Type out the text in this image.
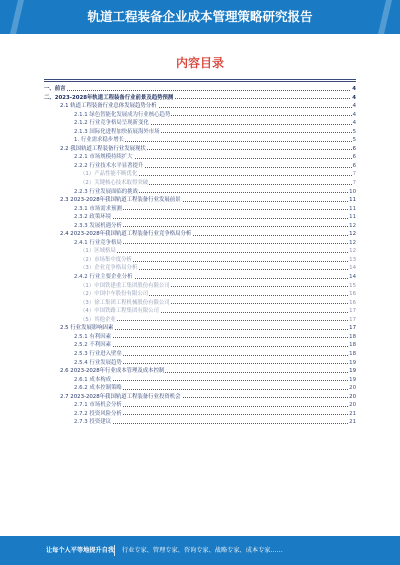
轨道工程装备企业成本管理策略研究报告
内容目录
一、前言	4
二、2023-2028年轨道工程装备行业前景及趋势预测	4
2.1 轨道工程装备行业总体发展趋势分析	4
2.1.1 绿色智能化发展成为行业核心趋势	4
2.1.2 行业竞争格局呈现新变化	4
2.1.3 国际化进程加快拓展海外市场	5
1. 行业需求稳步增长	5
2.2 我国轨道工程装备行业发展现状	6
2.2.1 市场规模持续扩大	6
2.2.2 行业技术水平显著提升	6
（1）产品性能不断优化	7
（2）关键核心技术取得突破	7
2.2.3 行业发展面临的挑战	10
2.3 2023-2028年我国轨道工程装备行业发展前景	11
2.3.1 市场需求预测	11
2.3.2 政策环境	11
2.3.3 发展机遇分析	12
2.4 2023-2028年我国轨道工程装备行业竞争格局分析	12
2.4.1 行业竞争格局	12
（1）区域格局	12
（2）市场集中度分析	13
（3）企业竞争格局分析	14
2.4.2 行业主要企业分析	14
（1）中国铁建重工集团股份有限公司	15
（2）中国中车股份有限公司	16
（3）徐工集团工程机械股份有限公司	16
（4）中国铁路工程集团有限公司	17
（5）其他企业	17
2.5 行业发展影响因素	17
2.5.1 有利因素	18
2.5.2 不利因素	18
2.5.3 行业进入壁垒	18
2.5.4 行业发展趋势	19
2.6 2023-2028年行业成本管理及成本控制	19
2.6.1 成本构成	19
2.6.2 成本控制策略	20
2.7 2023-2028年我国轨道工程装备行业投资机会	20
2.7.1 市场机会分析	20
2.7.2 投资风险分析	21
2.7.3 投资建议	21
让每个人平等地提升自我 行业专家、管理专家、咨询专家、战略专家、成本专家……
